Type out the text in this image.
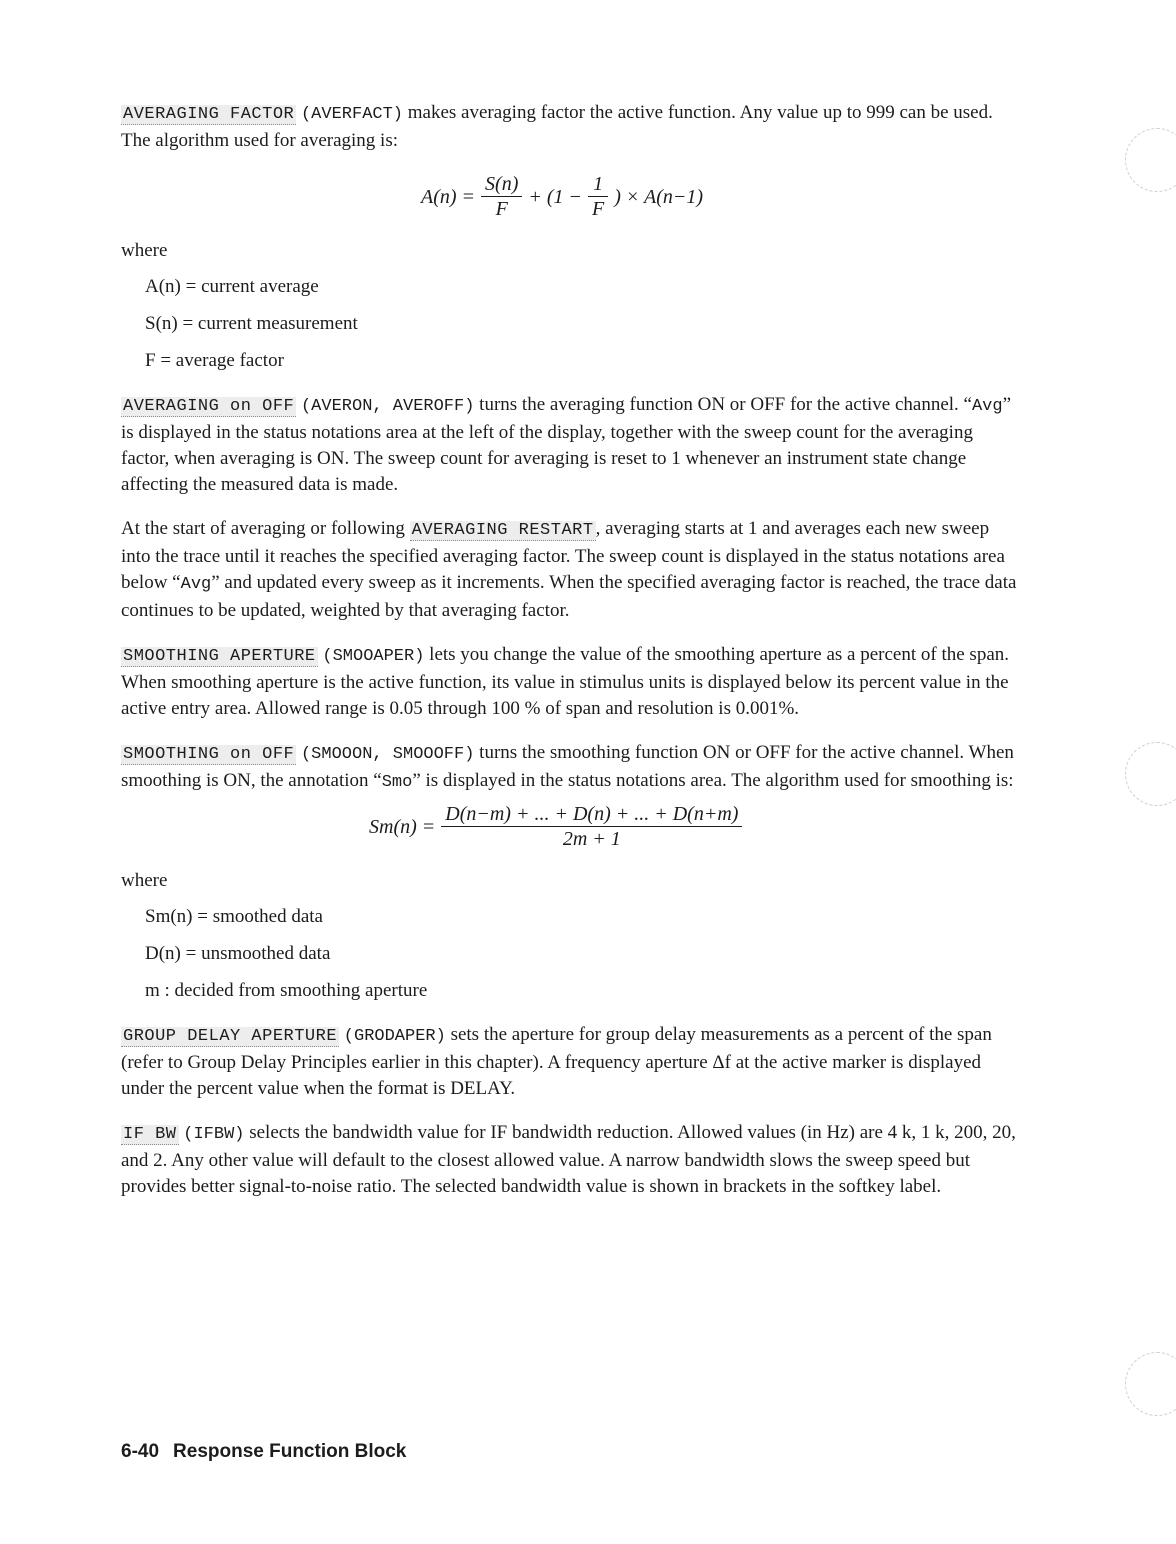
AVERAGING FACTOR (AVERFACT) makes averaging factor the active function. Any value up to 999 can be used. The algorithm used for averaging is:

$A(n) = \frac{S(n)}{F} + (1 - \frac{1}{F}$ ) × A(n−1)
where
A(n) = current average
S(n) = current measurement
F = average factor

AVERAGING on OFF (AVERON, AVEROFF) turns the averaging function ON or OFF for the active channel. “Avg” is displayed in the status notations area at the left of the display, together with the sweep count for the averaging factor, when averaging is ON. The sweep count for averaging is reset to 1 whenever an instrument state change affecting the measured data is made.

At the start of averaging or following AVERAGING RESTART , averaging starts at 1 and averages each new sweep into the trace until it reaches the specified averaging factor. The sweep count is displayed in the status notations area below “Avg” and updated every sweep as it increments. When the specified averaging factor is reached, the trace data continues to be updated, weighted by that averaging factor.

SMOOTHING APERTURE (SMOOAPER) lets you change the value of the smoothing aperture as a percent of the span. When smoothing aperture is the active function, its value in stimulus units is displayed below its percent value in the active entry area. Allowed range is 0.05 through 100 % of span and resolution is 0.001%.

SMOOTHING on OFF (SMOOON, SMOOOFF) turns the smoothing function ON or OFF for the active channel. When smoothing is ON, the annotation “Smo” is displayed in the status notations area. The algorithm used for smoothing is:

$Sm(n) = \frac{D(n-m) + ... + D(n) + ... + D(n+m)}{2m + 1}$
where
Sm(n) = smoothed data
D(n) = unsmoothed data
m : decided from smoothing aperture

GROUP DELAY APERTURE (GRODAPER) sets the aperture for group delay measurements as a percent of the span (refer to Group Delay Principles earlier in this chapter). A frequency aperture Δf at the active marker is displayed under the percent value when the format is DELAY.

IF BW (IFBW) selects the bandwidth value for IF bandwidth reduction. Allowed values (in Hz) are 4 k, 1 k, 200, 20, and 2. Any other value will default to the closest allowed value. A narrow bandwidth slows the sweep speed but provides better signal-to-noise ratio. The selected bandwidth value is shown in brackets in the softkey label.

6-40 Response Function Block
